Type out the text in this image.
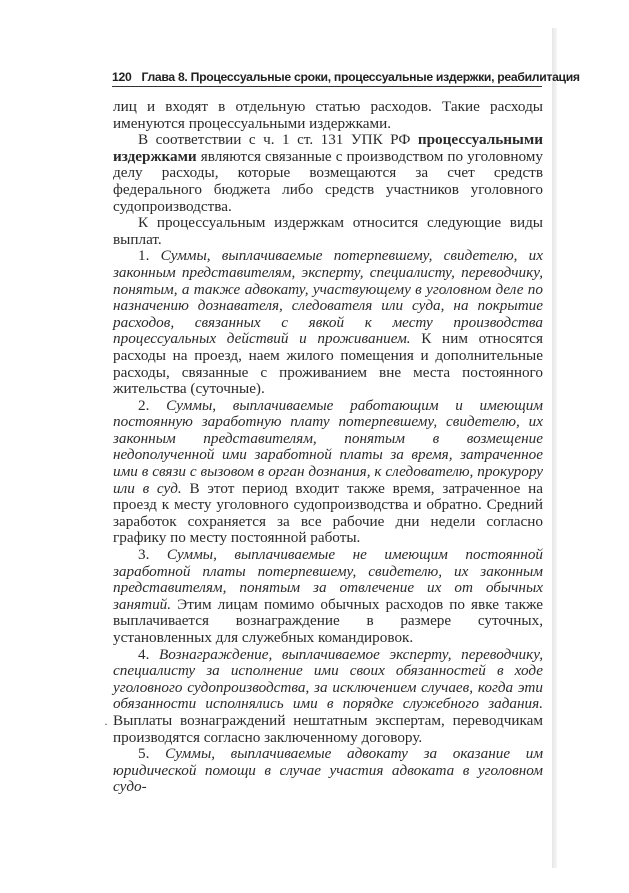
120 Глава 8. Процессуальные сроки, процессуальные издержки, реабилитация

лиц и входят в отдельную статью расходов. Такие расходы именуются процессуальными издержками.

В соответствии с ч. 1 ст. 131 УПК РФ процессуальными издержками являются связанные с производством по уголовному делу расходы, которые возмещаются за счет средств федерального бюджета либо средств участников уголовного судопроизводства.

К процессуальным издержкам относится следующие виды выплат.

1. Суммы, выплачиваемые потерпевшему, свидетелю, их законным представителям, эксперту, специалисту, переводчику, понятым, а также адвокату, участвующему в уголовном деле по назначению дознавателя, следователя или суда, на покрытие расходов, связанных с явкой к месту производства процессуальных действий и проживанием. К ним относятся расходы на проезд, наем жилого помещения и дополнительные расходы, связанные с проживанием вне места постоянного жительства (суточные).

2. Суммы, выплачиваемые работающим и имеющим постоянную заработную плату потерпевшему, свидетелю, их законным представителям, понятым в возмещение недополученной ими заработной платы за время, затраченное ими в связи с вызовом в орган дознания, к следователю, прокурору или в суд. В этот период входит также время, затраченное на проезд к месту уголовного судопроизводства и обратно. Средний заработок сохраняется за все рабочие дни недели согласно графику по месту постоянной работы.

3. Суммы, выплачиваемые не имеющим постоянной заработной платы потерпевшему, свидетелю, их законным представителям, понятым за отвлечение их от обычных занятий. Этим лицам помимо обычных расходов по явке также выплачивается вознаграждение в размере суточных, установленных для служебных командировок.

4. Вознаграждение, выплачиваемое эксперту, переводчику, специалисту за исполнение ими своих обязанностей в ходе уголовного судопроизводства, за исключением случаев, когда эти обязанности исполнялись ими в порядке служебного задания. Выплаты вознаграждений нештатным экспертам, переводчикам производятся согласно заключенному договору.

5. Суммы, выплачиваемые адвокату за оказание им юридической помощи в случае участия адвоката в уголовном судо-

·
